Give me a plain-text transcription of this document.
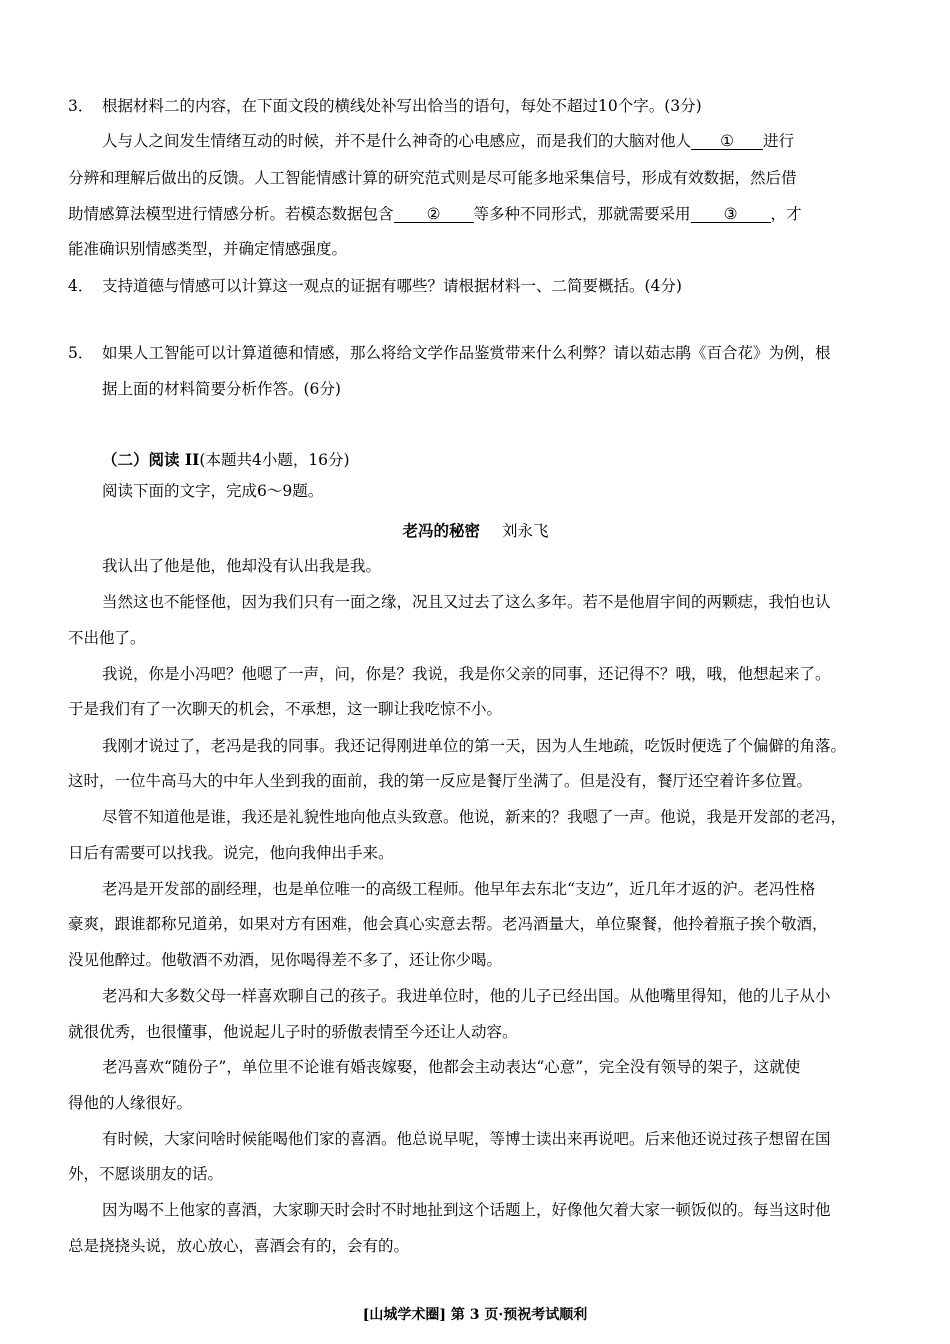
3． 根据材料二的内容，在下面文段的横线处补写出恰当的语句，每处不超过10个字。(3分)
人与人之间发生情绪互动的时候，并不是什么神奇的心电感应，而是我们的大脑对他人 ① 进行
分辨和理解后做出的反馈。人工智能情感计算的研究范式则是尽可能多地采集信号，形成有效数据，然后借
助情感算法模型进行情感分析。若模态数据包含 ② 等多种不同形式，那就需要采用 ③ ，才
能准确识别情感类型，并确定情感强度。
4． 支持道德与情感可以计算这一观点的证据有哪些？请根据材料一、二简要概括。(4分)
5． 如果人工智能可以计算道德和情感，那么将给文学作品鉴赏带来什么利弊？请以茹志鹃《百合花》为例，根
据上面的材料简要分析作答。(6分)
（二）阅读 II(本题共4小题，16分)
阅读下面的文字，完成6～9题。
老冯的秘密 刘永飞
我认出了他是他，他却没有认出我是我。
当然这也不能怪他，因为我们只有一面之缘，况且又过去了这么多年。若不是他眉宇间的两颗痣，我怕也认
不出他了。
我说，你是小冯吧？他嗯了一声，问，你是？我说，我是你父亲的同事，还记得不？哦，哦，他想起来了。
于是我们有了一次聊天的机会，不承想，这一聊让我吃惊不小。
我刚才说过了，老冯是我的同事。我还记得刚进单位的第一天，因为人生地疏，吃饭时便选了个偏僻的角落。
这时，一位牛高马大的中年人坐到我的面前，我的第一反应是餐厅坐满了。但是没有，餐厅还空着许多位置。
尽管不知道他是谁，我还是礼貌性地向他点头致意。他说，新来的？我嗯了一声。他说，我是开发部的老冯，
日后有需要可以找我。说完，他向我伸出手来。
老冯是开发部的副经理，也是单位唯一的高级工程师。他早年去东北“支边”，近几年才返的沪。老冯性格
豪爽，跟谁都称兄道弟，如果对方有困难，他会真心实意去帮。老冯酒量大，单位聚餐，他拎着瓶子挨个敬酒，
没见他醉过。他敬酒不劝酒，见你喝得差不多了，还让你少喝。
老冯和大多数父母一样喜欢聊自己的孩子。我进单位时，他的儿子已经出国。从他嘴里得知，他的儿子从小
就很优秀，也很懂事，他说起儿子时的骄傲表情至今还让人动容。
老冯喜欢“随份子”，单位里不论谁有婚丧嫁娶，他都会主动表达“心意”，完全没有领导的架子，这就使
得他的人缘很好。
有时候，大家问啥时候能喝他们家的喜酒。他总说早呢，等博士读出来再说吧。后来他还说过孩子想留在国
外，不愿谈朋友的话。
因为喝不上他家的喜酒，大家聊天时会时不时地扯到这个话题上，好像他欠着大家一顿饭似的。每当这时他
总是挠挠头说，放心放心，喜酒会有的，会有的。
[山城学术圈] 第 3 页·预祝考试顺利
